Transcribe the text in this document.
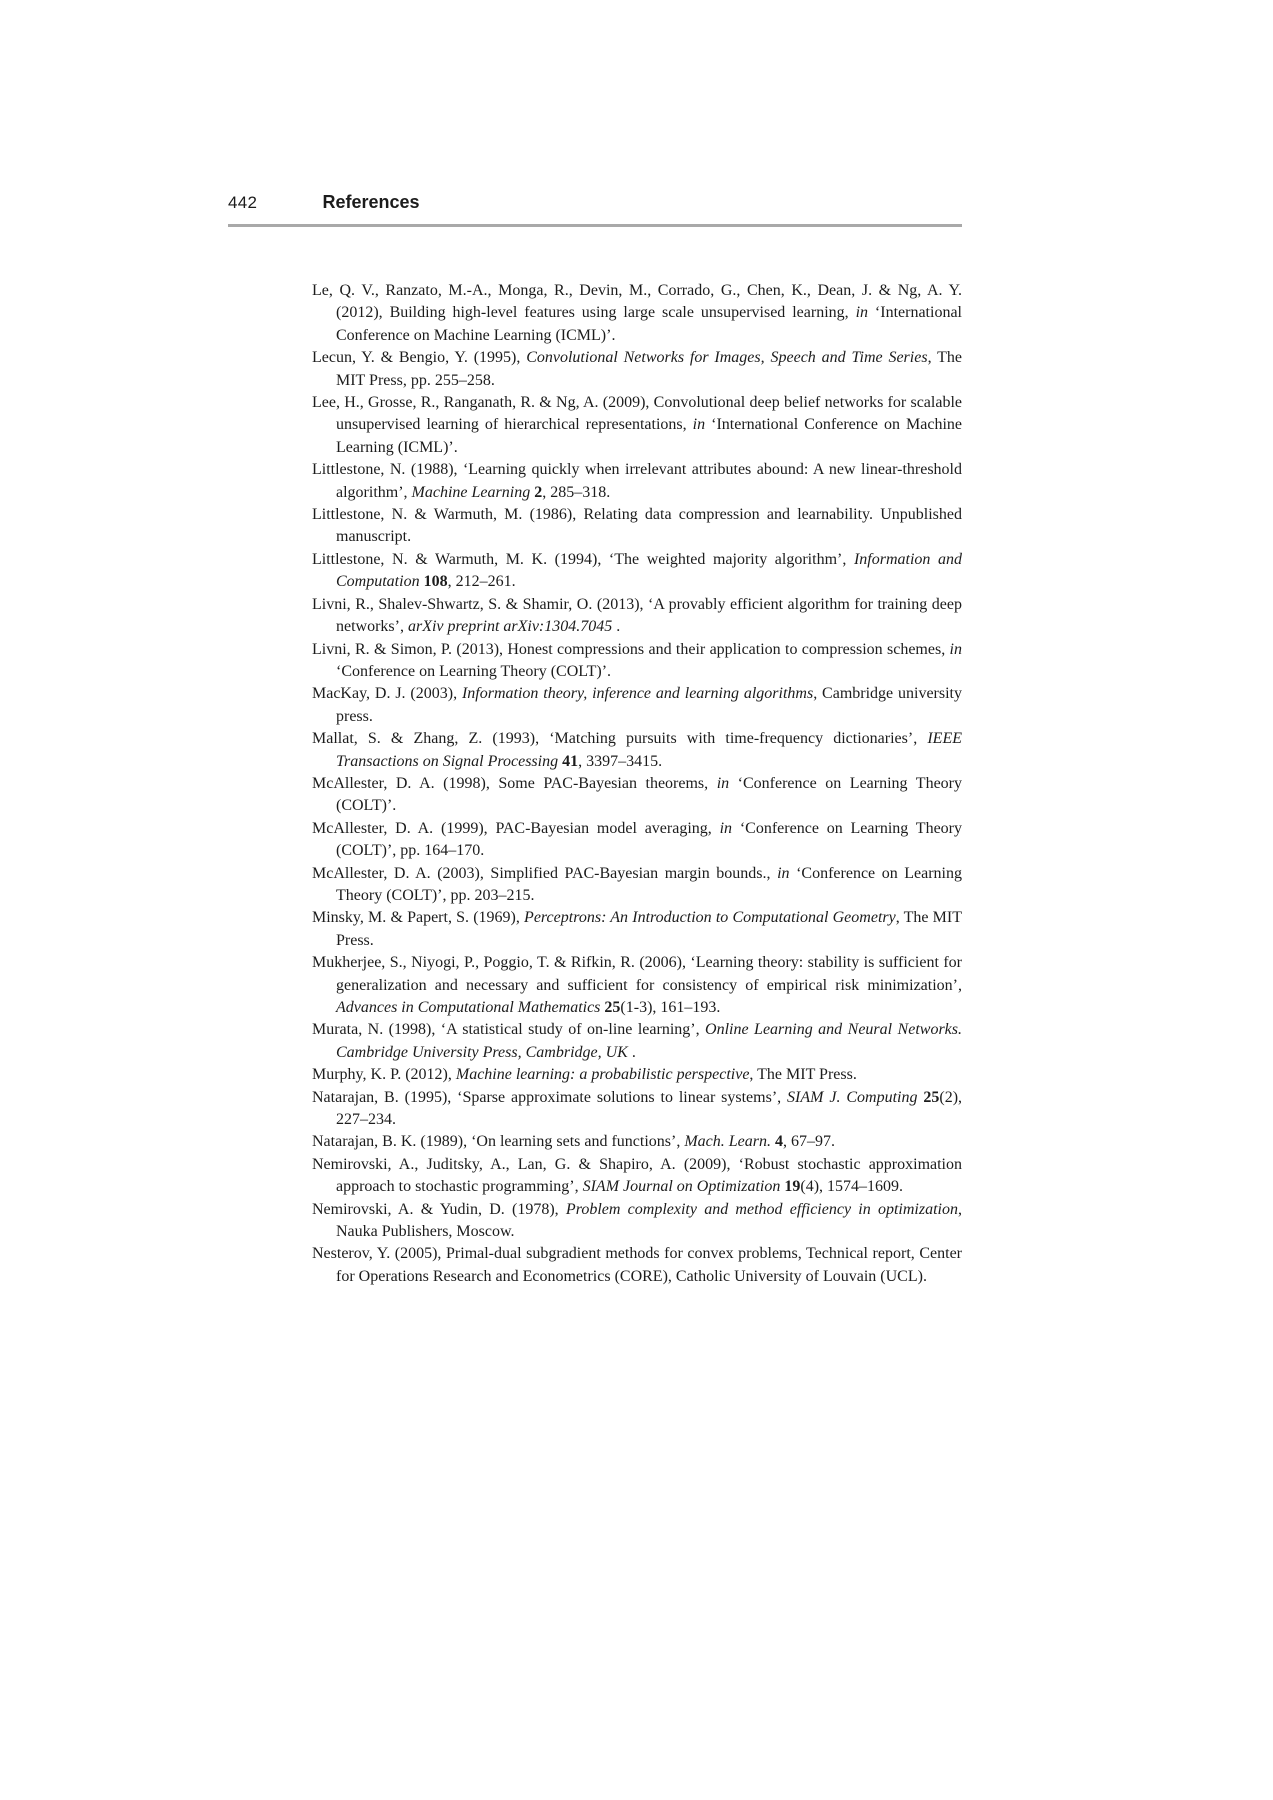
442	References

Le, Q. V., Ranzato, M.-A., Monga, R., Devin, M., Corrado, G., Chen, K., Dean, J. & Ng, A. Y. (2012), Building high-level features using large scale unsupervised learning, in ‘International Conference on Machine Learning (ICML)’.

Lecun, Y. & Bengio, Y. (1995), Convolutional Networks for Images, Speech and Time Series, The MIT Press, pp. 255–258.

Lee, H., Grosse, R., Ranganath, R. & Ng, A. (2009), Convolutional deep belief networks for scalable unsupervised learning of hierarchical representations, in ‘International Conference on Machine Learning (ICML)’.

Littlestone, N. (1988), ‘Learning quickly when irrelevant attributes abound: A new linear-threshold algorithm’, Machine Learning 2, 285–318.

Littlestone, N. & Warmuth, M. (1986), Relating data compression and learnability. Unpublished manuscript.

Littlestone, N. & Warmuth, M. K. (1994), ‘The weighted majority algorithm’, Information and Computation 108, 212–261.

Livni, R., Shalev-Shwartz, S. & Shamir, O. (2013), ‘A provably efficient algorithm for training deep networks’, arXiv preprint arXiv:1304.7045 .

Livni, R. & Simon, P. (2013), Honest compressions and their application to compression schemes, in ‘Conference on Learning Theory (COLT)’.

MacKay, D. J. (2003), Information theory, inference and learning algorithms, Cambridge university press.

Mallat, S. & Zhang, Z. (1993), ‘Matching pursuits with time-frequency dictionaries’, IEEE Transactions on Signal Processing 41, 3397–3415.

McAllester, D. A. (1998), Some PAC-Bayesian theorems, in ‘Conference on Learning Theory (COLT)’.

McAllester, D. A. (1999), PAC-Bayesian model averaging, in ‘Conference on Learning Theory (COLT)’, pp. 164–170.

McAllester, D. A. (2003), Simplified PAC-Bayesian margin bounds., in ‘Conference on Learning Theory (COLT)’, pp. 203–215.

Minsky, M. & Papert, S. (1969), Perceptrons: An Introduction to Computational Geometry, The MIT Press.

Mukherjee, S., Niyogi, P., Poggio, T. & Rifkin, R. (2006), ‘Learning theory: stability is sufficient for generalization and necessary and sufficient for consistency of empirical risk minimization’, Advances in Computational Mathematics 25(1-3), 161–193.

Murata, N. (1998), ‘A statistical study of on-line learning’, Online Learning and Neural Networks. Cambridge University Press, Cambridge, UK .

Murphy, K. P. (2012), Machine learning: a probabilistic perspective, The MIT Press.

Natarajan, B. (1995), ‘Sparse approximate solutions to linear systems’, SIAM J. Computing 25(2), 227–234.

Natarajan, B. K. (1989), ‘On learning sets and functions’, Mach. Learn. 4, 67–97.

Nemirovski, A., Juditsky, A., Lan, G. & Shapiro, A. (2009), ‘Robust stochastic approximation approach to stochastic programming’, SIAM Journal on Optimization 19(4), 1574–1609.

Nemirovski, A. & Yudin, D. (1978), Problem complexity and method efficiency in optimization, Nauka Publishers, Moscow.

Nesterov, Y. (2005), Primal-dual subgradient methods for convex problems, Technical report, Center for Operations Research and Econometrics (CORE), Catholic University of Louvain (UCL).
